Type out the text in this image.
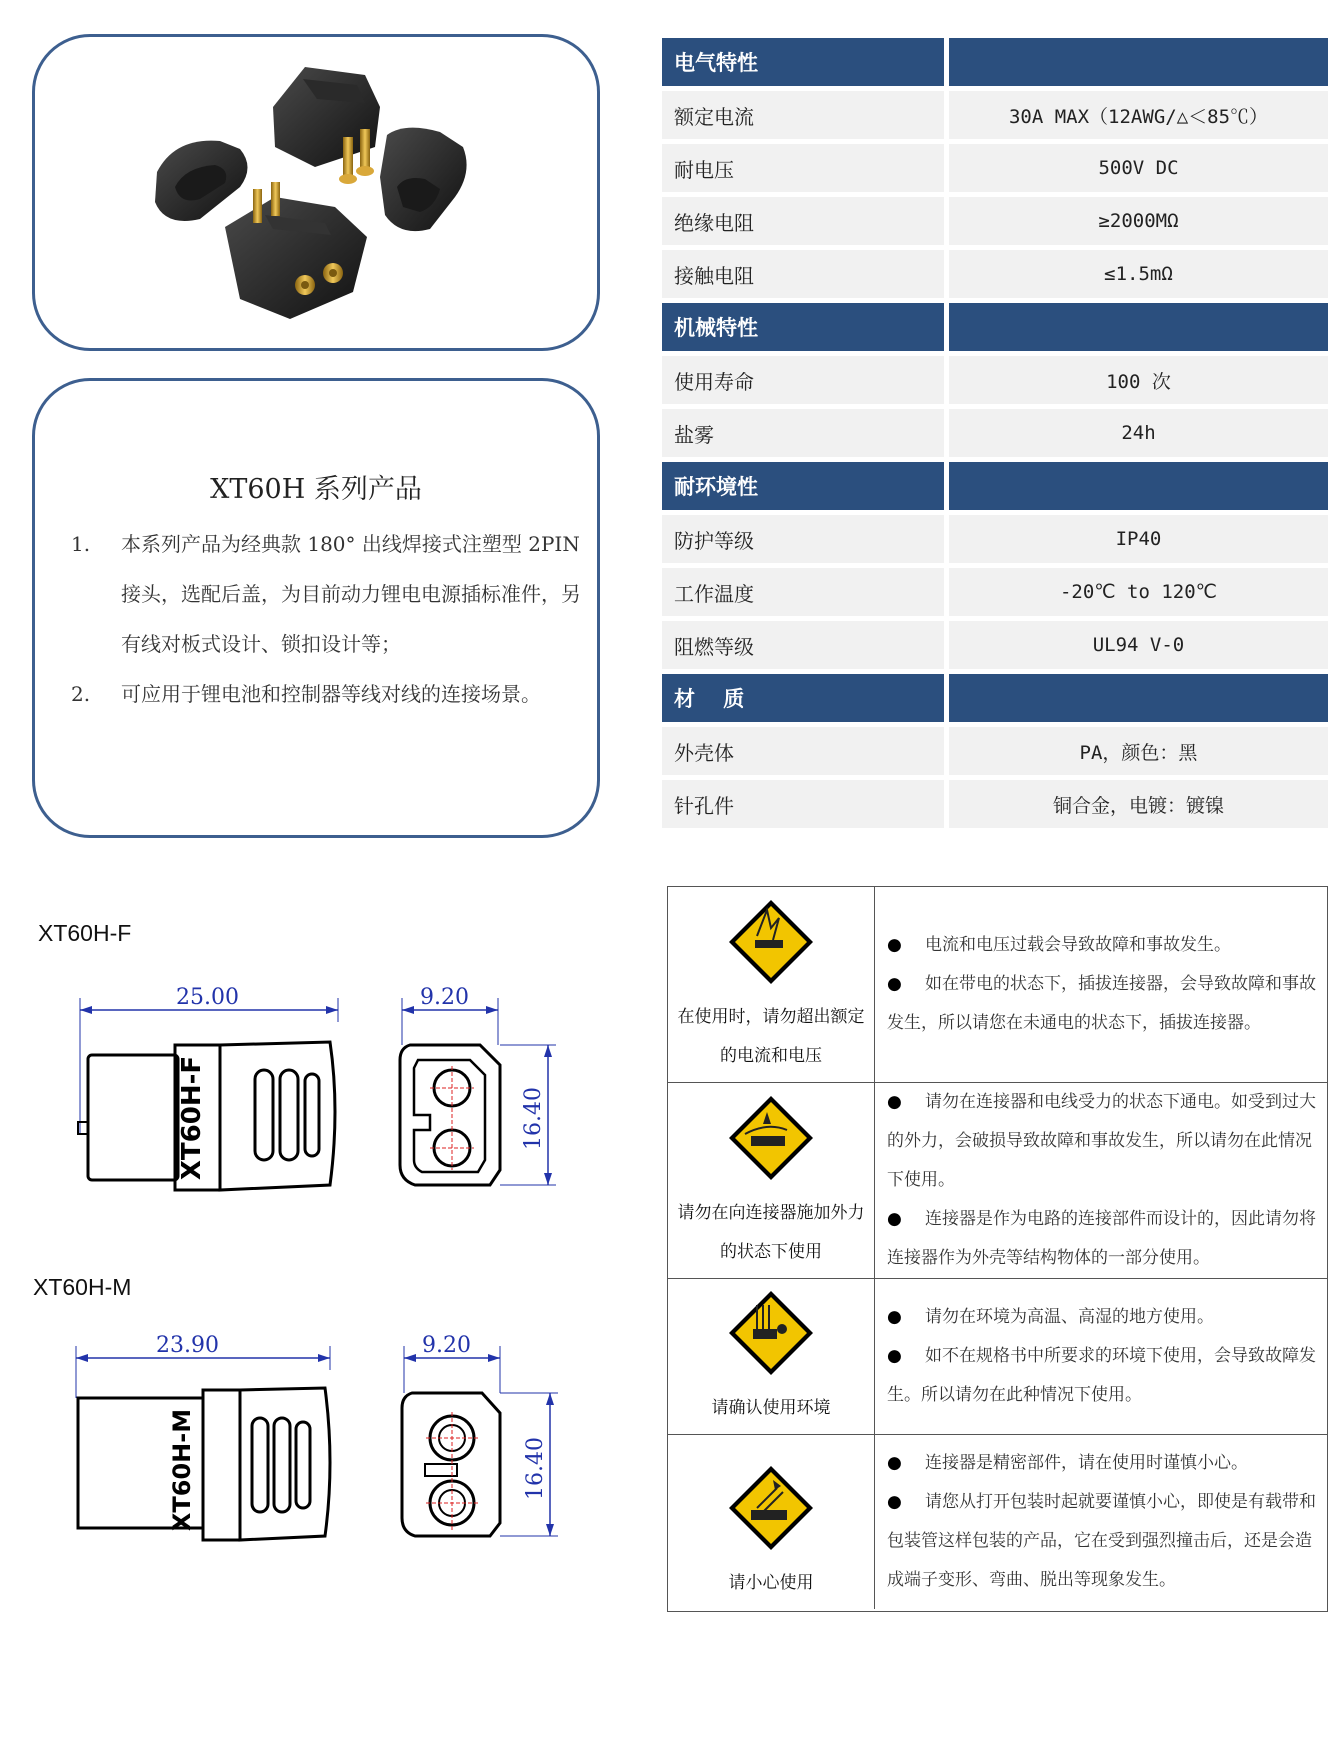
XT60H 系列产品
1.	本系列产品为经典款 180° 出线焊接式注塑型 2PIN 接头，选配后盖，为目前动力锂电电源插标准件，另有线对板式设计、锁扣设计等；
2.	可应用于锂电池和控制器等线对线的连接场景。
电气特性
额定电流	30A MAX（12AWG/△＜85℃）
耐电压	500V DC
绝缘电阻	≥2000MΩ
接触电阻	≤1.5mΩ
机械特性
使用寿命	100 次
盐雾	24h
耐环境性
防护等级	IP40
工作温度	-20℃ to 120℃
阻燃等级	UL94 V-0
材　 质
外壳体	PA，颜色：黑
针孔件	铜合金，电镀：镀镍
XT60H-F
XT60H-M
25.00
XT60H-F
9.20
16.40
23.90
XT60H-M
9.20
16.40
在使用时，请勿超出额定的电流和电压
● 电流和电压过载会导致故障和事故发生。
● 如在带电的状态下，插拔连接器，会导致故障和事故发生，所以请您在未通电的状态下，插拔连接器。
请勿在向连接器施加外力的状态下使用
● 请勿在连接器和电线受力的状态下通电。如受到过大的外力，会破损导致故障和事故发生，所以请勿在此情况下使用。
● 连接器是作为电路的连接部件而设计的，因此请勿将连接器作为外壳等结构物体的一部分使用。
请确认使用环境
● 请勿在环境为高温、高湿的地方使用。
● 如不在规格书中所要求的环境下使用，会导致故障发生。所以请勿在此种情况下使用。
请小心使用
● 连接器是精密部件，请在使用时谨慎小心。
● 请您从打开包装时起就要谨慎小心，即使是有载带和包装管这样包装的产品，它在受到强烈撞击后，还是会造成端子变形、弯曲、脱出等现象发生。
